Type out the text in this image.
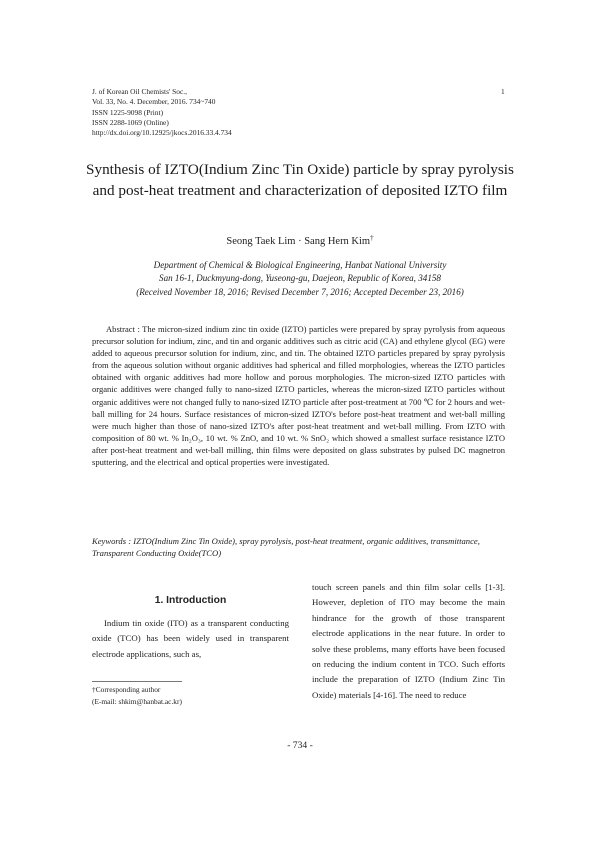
J. of Korean Oil Chemists' Soc.,
Vol. 33, No. 4. December, 2016. 734~740
ISSN 1225-9098 (Print)
ISSN 2288-1069 (Online)
http://dx.doi.org/10.12925/jkocs.2016.33.4.734
1
Synthesis of IZTO(Indium Zinc Tin Oxide) particle by spray pyrolysis and post-heat treatment and characterization of deposited IZTO film
Seong Taek Lim · Sang Hern Kim†
Department of Chemical & Biological Engineering, Hanbat National University
San 16-1, Duckmyung-dong, Yuseong-gu, Daejeon, Republic of Korea, 34158
(Received November 18, 2016; Revised December 7, 2016; Accepted December 23, 2016)
Abstract : The micron-sized indium zinc tin oxide (IZTO) particles were prepared by spray pyrolysis from aqueous precursor solution for indium, zinc, and tin and organic additives such as citric acid (CA) and ethylene glycol (EG) were added to aqueous precursor solution for indium, zinc, and tin. The obtained IZTO particles prepared by spray pyrolysis from the aqueous solution without organic additives had spherical and filled morphologies, whereas the IZTO particles obtained with organic additives had more hollow and porous morphologies. The micron-sized IZTO particles with organic additives were changed fully to nano-sized IZTO particles, whereas the micron-sized IZTO particles without organic additives were not changed fully to nano-sized IZTO particle after post-treatment at 700 ℃ for 2 hours and wet-ball milling for 24 hours. Surface resistances of micron-sized IZTO's before post-heat treatment and wet-ball milling were much higher than those of nano-sized IZTO's after post-heat treatment and wet-ball milling. From IZTO with composition of 80 wt. % In₂O₃, 10 wt. % ZnO, and 10 wt. % SnO₂ which showed a smallest surface resistance IZTO after post-heat treatment and wet-ball milling, thin films were deposited on glass substrates by pulsed DC magnetron sputtering, and the electrical and optical properties were investigated.
Keywords : IZTO(Indium Zinc Tin Oxide), spray pyrolysis, post-heat treatment, organic additives, transmittance, Transparent Conducting Oxide(TCO)
1. Introduction

Indium tin oxide (ITO) as a transparent conducting oxide (TCO) has been widely used in transparent electrode applications, such as,

touch screen panels and thin film solar cells [1-3]. However, depletion of ITO may become the main hindrance for the growth of those transparent electrode applications in the near future. In order to solve these problems, many efforts have been focused on reducing the indium content in TCO. Such efforts include the preparation of IZTO (Indium Zinc Tin Oxide) materials [4-16]. The need to reduce

†Corresponding author
(E-mail: shkim@hanbat.ac.kr)
- 734 -
